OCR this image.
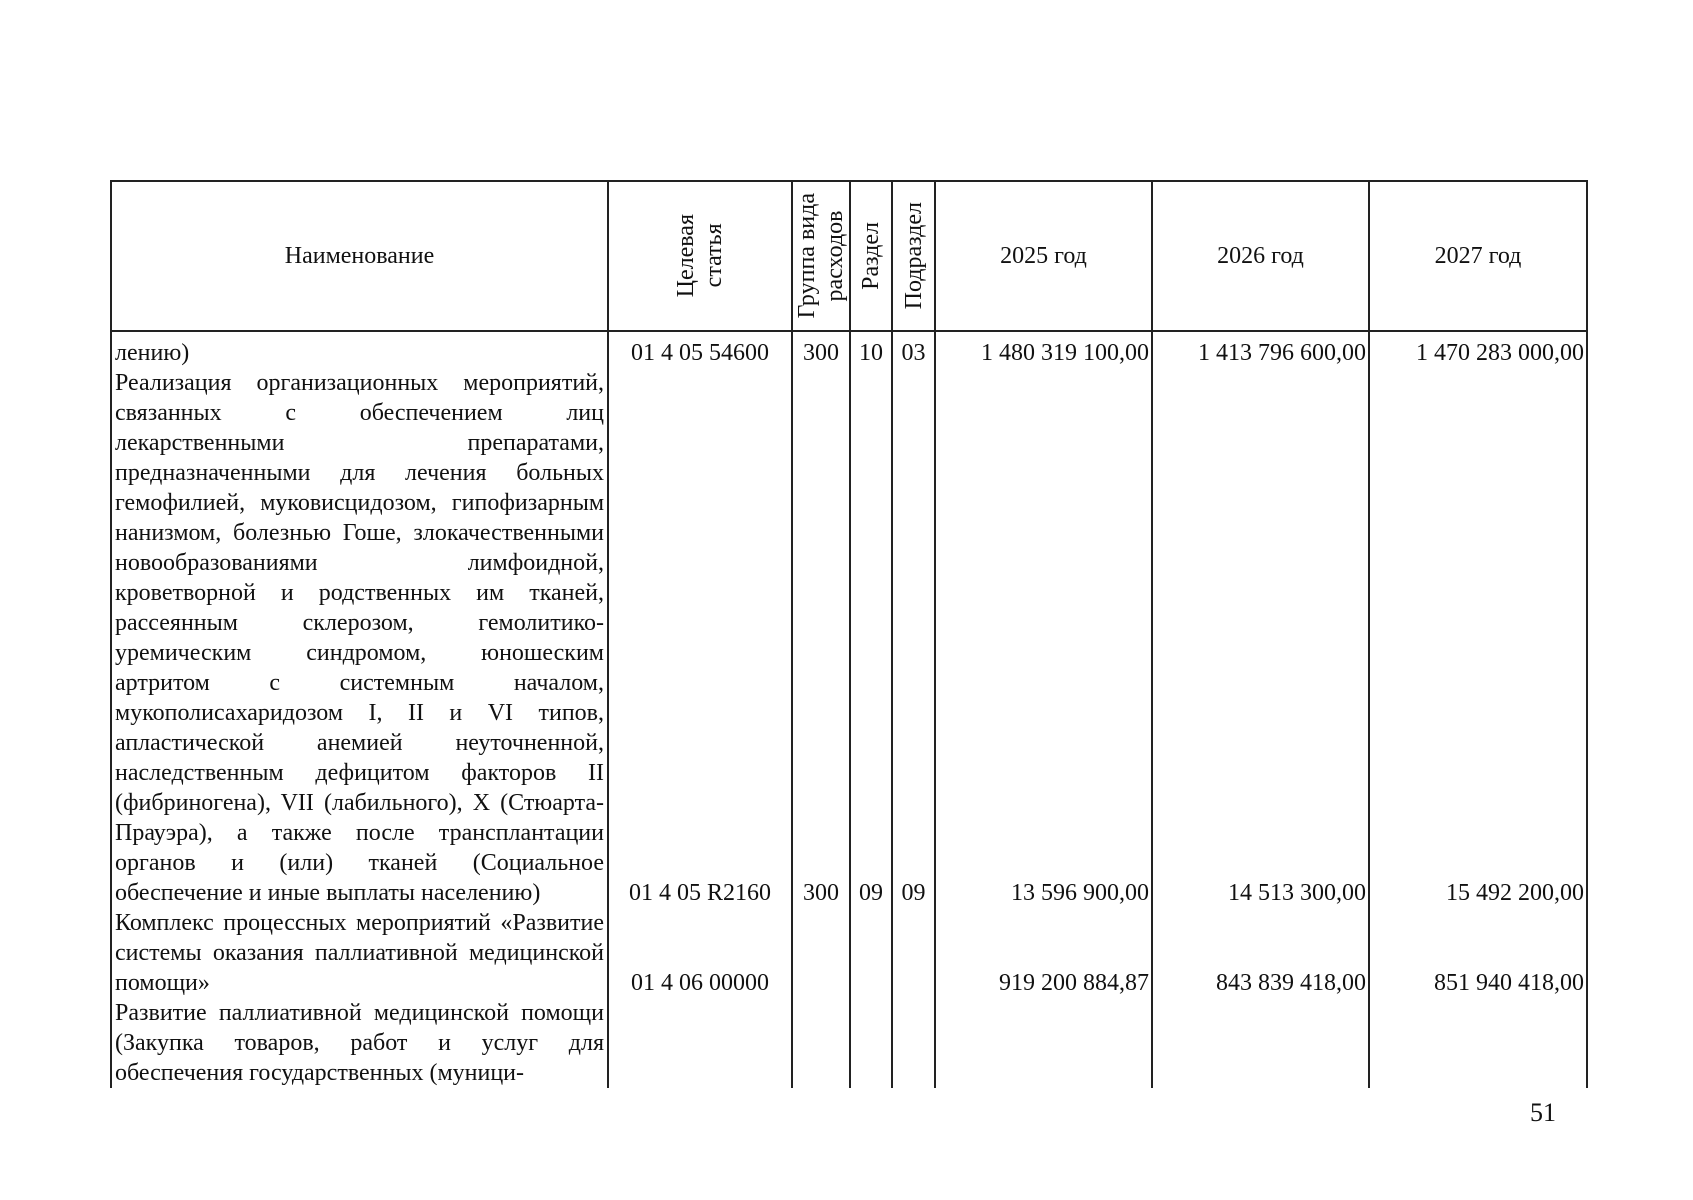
Наименование	Целевая статья	Группа вида расходов	Раздел	Подраздел	2025 год	2026 год	2027 год
лению)	01 4 05 54600	300	10	03	1 480 319 100,00	1 413 796 600,00	1 470 283 000,00
Реализация организационных мероприятий, связанных с обеспечением лиц лекарственными препаратами, предназначенными для лечения больных гемофилией, муковисцидозом, гипофизарным нанизмом, болезнью Гоше, злокачественными новообразованиями лимфоидной, кроветворной и родственных им тканей, рассеянным склерозом, гемолитико-уремическим синдромом, юношеским артритом с системным началом, мукополисахаридозом I, II и VI типов, апластической анемией неуточненной, наследственным дефицитом факторов II (фибриногена), VII (лабильного), X (Стюарта-Прауэра), а также после трансплантации органов и (или) тканей (Социальное обеспечение и иные выплаты населению)	01 4 05 R2160	300	09	09	13 596 900,00	14 513 300,00	15 492 200,00
Комплекс процессных мероприятий «Развитие системы оказания паллиативной медицинской помощи»	01 4 06 00000				919 200 884,87	843 839 418,00	851 940 418,00
Развитие паллиативной медицинской помощи (Закупка товаров, работ и услуг для обеспечения государственных (муници-							
51
